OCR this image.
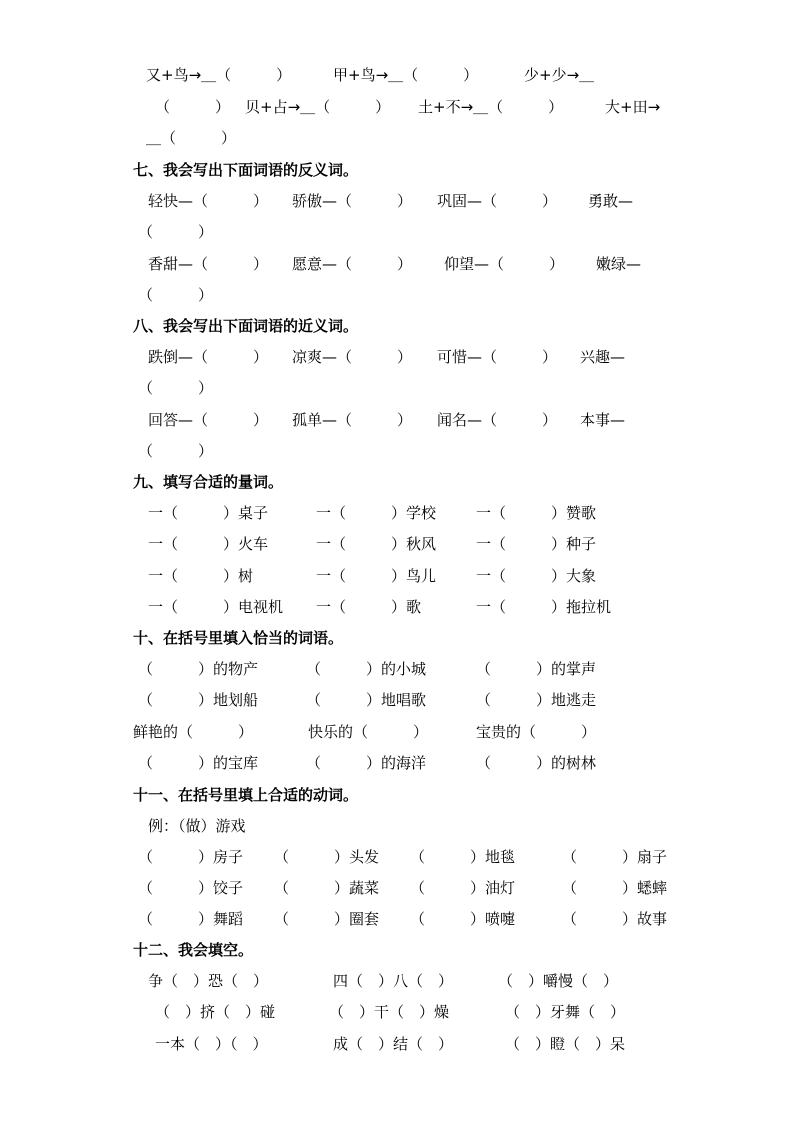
又+鸟→＿（　　　）	甲+鸟→＿（　　　）	少+少→＿
（　　　） 贝+占→＿（　　　） 土+不→＿（　　　）	大+田→
＿（　　　）
七、我会写出下面词语的反义词。
轻快—（　　　） 骄傲—（　　　） 巩固—（　　　） 勇敢—
（　　　）
香甜—（　　　） 愿意—（　　　） 仰望—（　　　） 嫩绿—
（　　　）
八、我会写出下面词语的近义词。
跌倒—（　　　） 凉爽—（　　　） 可惜—（　　　） 兴趣—
（　　　）
回答—（　　　） 孤单—（　　　） 闻名—（　　　） 本事—
（　　　）
九、填写合适的量词。
一（　　　）桌子	一（　　　）学校	一（　　　）赞歌
一（　　　）火车	一（　　　）秋风	一（　　　）种子
一（　　　）树	一（　　　）鸟儿	一（　　　）大象
一（　　　）电视机 一（　　　）歌	一（　　　）拖拉机
十、在括号里填入恰当的词语。
（　　　）的物产	（　　　）的小城	（　　　）的掌声
（　　　）地划船	（　　　）地唱歌	（　　　）地逃走
鲜艳的（　　　）	快乐的（　　　）	宝贵的（　　　）
（　　　）的宝库	（　　　）的海洋	（　　　）的树林
十一、在括号里填上合适的动词。
例：（做）游戏
（　　　）房子 （　　　）头发 （　　　）地毯	（　　　）扇子
（　　　）饺子 （　　　）蔬菜 （　　　）油灯	（　　　）蟋蟀
（　　　）舞蹈 （　　　）圈套 （　　　）喷嚏	（　　　）故事
十二、我会填空。
争（　）恐（　）	四（　）八（　）	（　）嚼慢（　）
（　）挤（　）碰	（　）干（　）燥	（　）牙舞（　）
一本（　）（　）	成（　）结（　）	（　）瞪（　）呆
